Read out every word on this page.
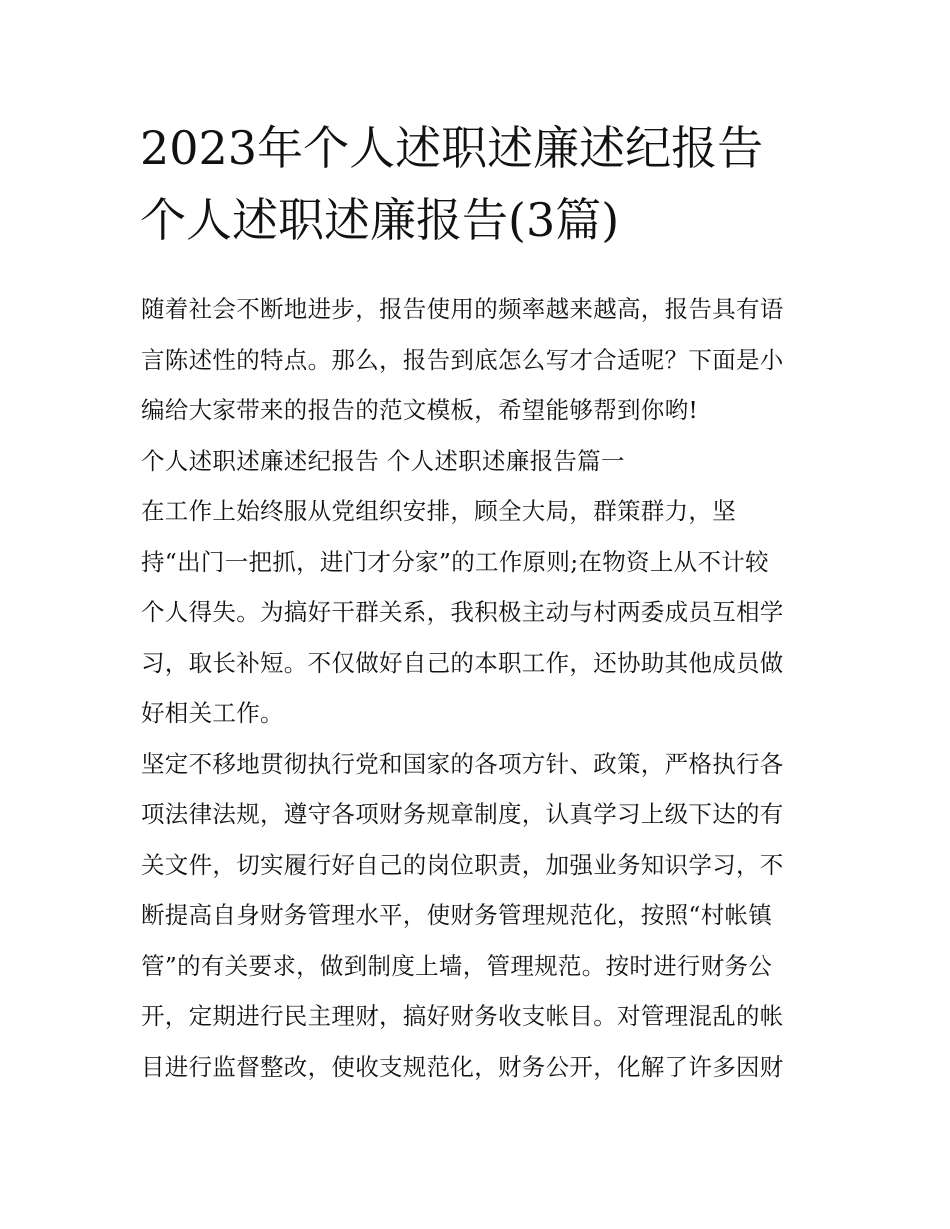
2023年个人述职述廉述纪报告
个人述职述廉报告(3篇)
随着社会不断地进步，报告使用的频率越来越高，报告具有语
言陈述性的特点。那么，报告到底怎么写才合适呢？下面是小
编给大家带来的报告的范文模板，希望能够帮到你哟!
个人述职述廉述纪报告 个人述职述廉报告篇一
在工作上始终服从党组织安排，顾全大局，群策群力，坚
持“出门一把抓，进门才分家”的工作原则;在物资上从不计较
个人得失。为搞好干群关系，我积极主动与村两委成员互相学
习，取长补短。不仅做好自己的本职工作，还协助其他成员做
好相关工作。
坚定不移地贯彻执行党和国家的各项方针、政策，严格执行各
项法律法规，遵守各项财务规章制度，认真学习上级下达的有
关文件，切实履行好自己的岗位职责，加强业务知识学习，不
断提高自身财务管理水平，使财务管理规范化，按照“村帐镇
管”的有关要求，做到制度上墙，管理规范。按时进行财务公
开，定期进行民主理财，搞好财务收支帐目。对管理混乱的帐
目进行监督整改，使收支规范化，财务公开，化解了许多因财
